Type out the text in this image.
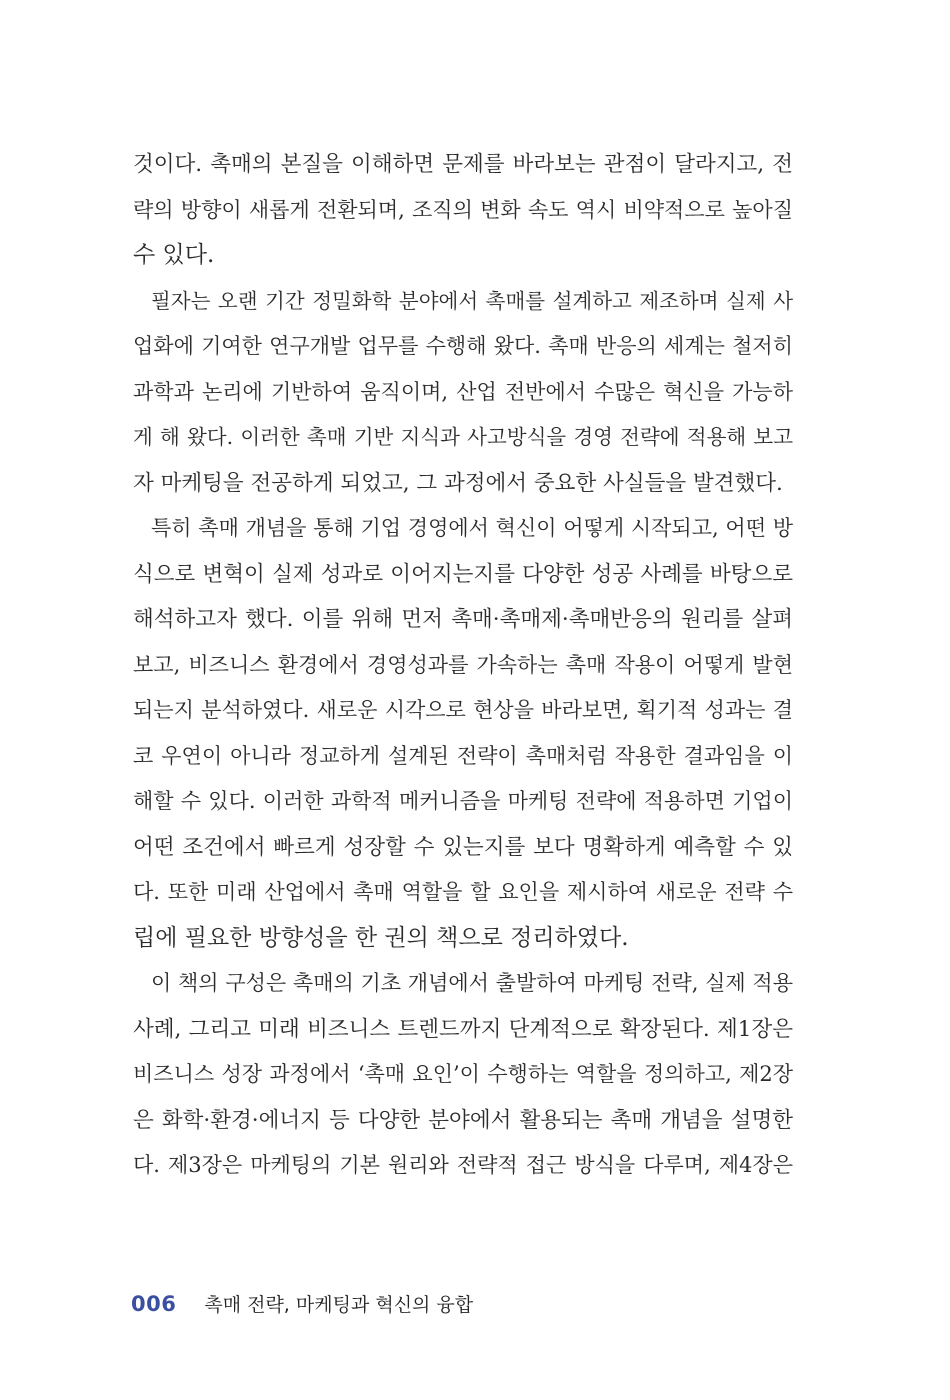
것이다. 촉매의 본질을 이해하면 문제를 바라보는 관점이 달라지고, 전
략의 방향이 새롭게 전환되며, 조직의 변화 속도 역시 비약적으로 높아질
수 있다.
필자는 오랜 기간 정밀화학 분야에서 촉매를 설계하고 제조하며 실제 사
업화에 기여한 연구개발 업무를 수행해 왔다. 촉매 반응의 세계는 철저히
과학과 논리에 기반하여 움직이며, 산업 전반에서 수많은 혁신을 가능하
게 해 왔다. 이러한 촉매 기반 지식과 사고방식을 경영 전략에 적용해 보고
자 마케팅을 전공하게 되었고, 그 과정에서 중요한 사실들을 발견했다.
특히 촉매 개념을 통해 기업 경영에서 혁신이 어떻게 시작되고, 어떤 방
식으로 변혁이 실제 성과로 이어지는지를 다양한 성공 사례를 바탕으로
해석하고자 했다. 이를 위해 먼저 촉매·촉매제·촉매반응의 원리를 살펴
보고, 비즈니스 환경에서 경영성과를 가속하는 촉매 작용이 어떻게 발현
되는지 분석하였다. 새로운 시각으로 현상을 바라보면, 획기적 성과는 결
코 우연이 아니라 정교하게 설계된 전략이 촉매처럼 작용한 결과임을 이
해할 수 있다. 이러한 과학적 메커니즘을 마케팅 전략에 적용하면 기업이
어떤 조건에서 빠르게 성장할 수 있는지를 보다 명확하게 예측할 수 있
다. 또한 미래 산업에서 촉매 역할을 할 요인을 제시하여 새로운 전략 수
립에 필요한 방향성을 한 권의 책으로 정리하였다.
이 책의 구성은 촉매의 기초 개념에서 출발하여 마케팅 전략, 실제 적용
사례, 그리고 미래 비즈니스 트렌드까지 단계적으로 확장된다. 제1장은
비즈니스 성장 과정에서 ‘촉매 요인’이 수행하는 역할을 정의하고, 제2장
은 화학·환경·에너지 등 다양한 분야에서 활용되는 촉매 개념을 설명한
다. 제3장은 마케팅의 기본 원리와 전략적 접근 방식을 다루며, 제4장은
006 촉매 전략, 마케팅과 혁신의 융합
